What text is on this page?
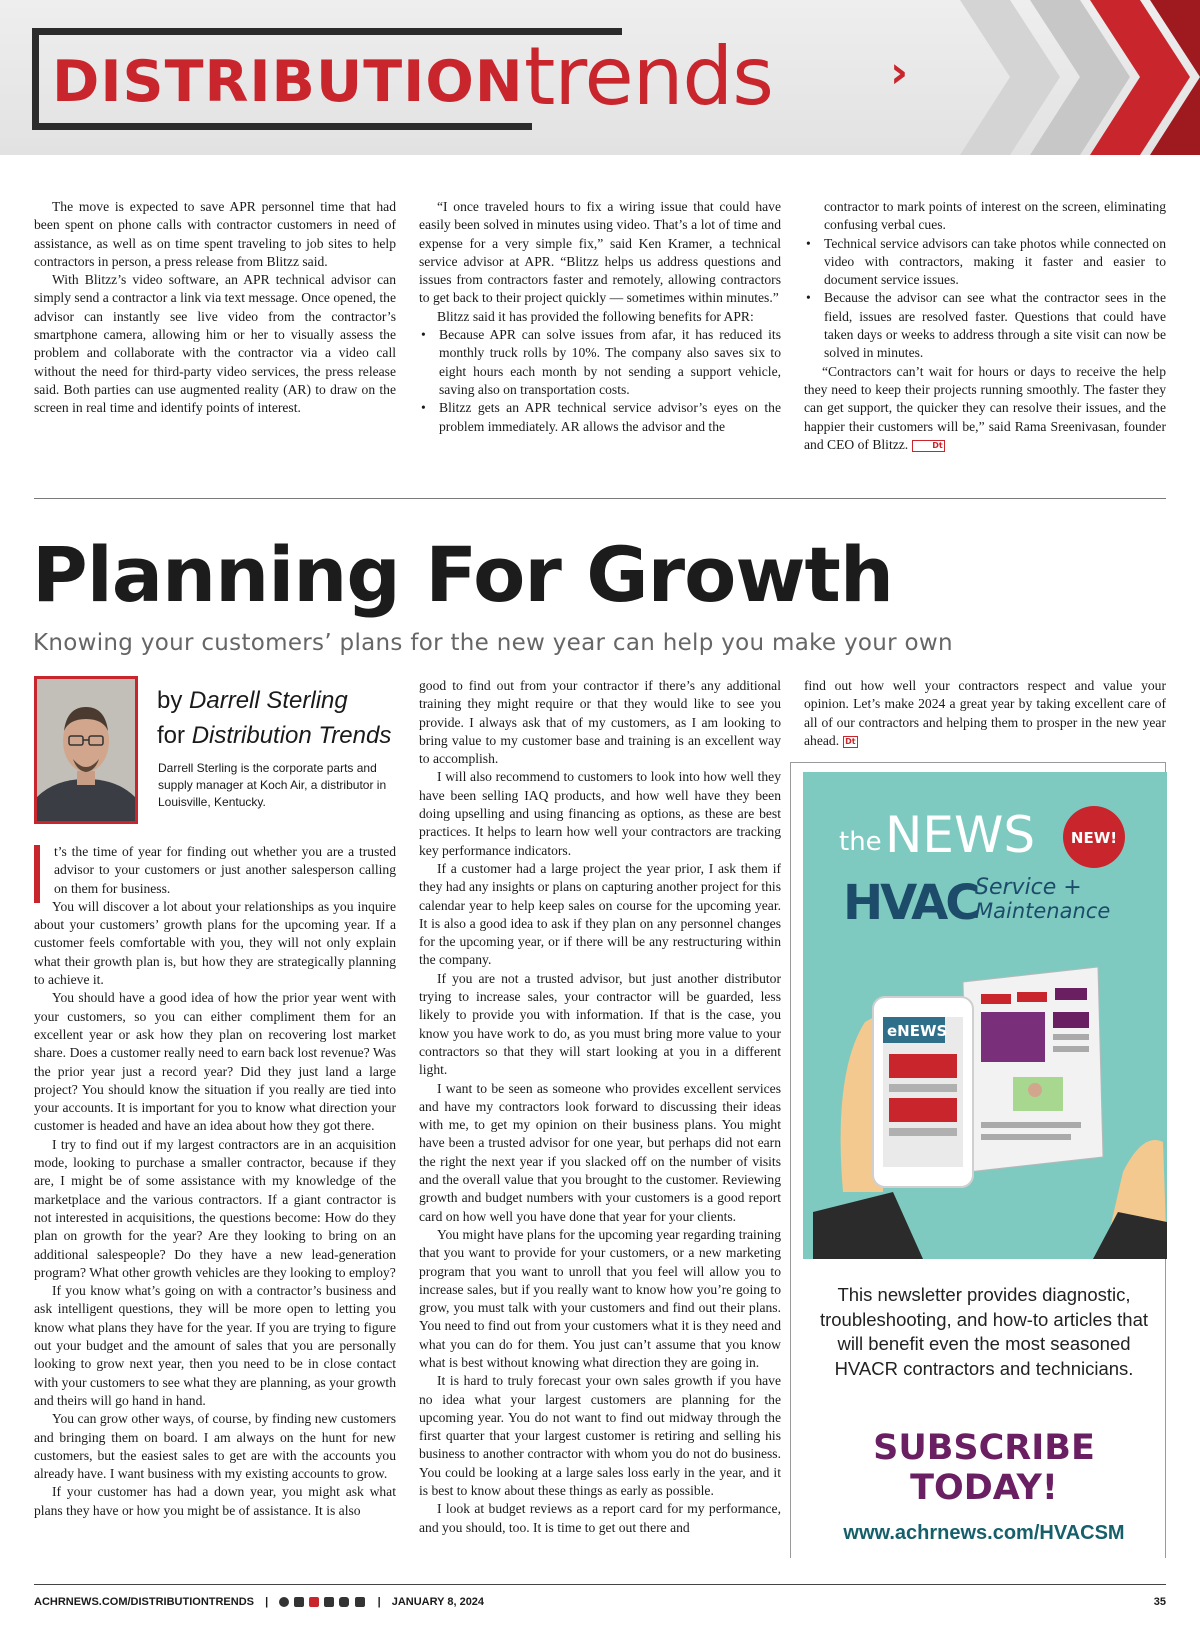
DISTRIBUTION trends	›

The move is expected to save APR personnel time that had been spent on phone calls with contractor customers in need of assistance, as well as on time spent traveling to job sites to help contractors in person, a press release from Blitzz said.

With Blitzz’s video software, an APR technical advisor can simply send a contractor a link via text message. Once opened, the advisor can instantly see live video from the contractor’s smartphone camera, allowing him or her to visually assess the problem and collaborate with the contractor via a video call without the need for third-party video services, the press release said. Both parties can use augmented reality (AR) to draw on the screen in real time and identify points of interest.

“I once traveled hours to fix a wiring issue that could have easily been solved in minutes using video. That’s a lot of time and expense for a very simple fix,” said Ken Kramer, a technical service advisor at APR. “Blitzz helps us address questions and issues from contractors faster and remotely, allowing contractors to get back to their project quickly — sometimes within minutes.”

Blitzz said it has provided the following benefits for APR:

• Because APR can solve issues from afar, it has reduced its monthly truck rolls by 10%. The company also saves six to eight hours each month by not sending a support vehicle, saving also on transportation costs.
• Blitzz gets an APR technical service advisor’s eyes on the problem immediately. AR allows the advisor and the

contractor to mark points of interest on the screen, eliminating confusing verbal cues.

• Technical service advisors can take photos while connected on video with contractors, making it faster and easier to document service issues.
• Because the advisor can see what the contractor sees in the field, issues are resolved faster. Questions that could have taken days or weeks to address through a site visit can now be solved in minutes.

“Contractors can’t wait for hours or days to receive the help they need to keep their projects running smoothly. The faster they can get support, the quicker they can resolve their issues, and the happier their customers will be,” said Rama Sreenivasan, founder and CEO of Blitzz.	Dt

Planning For Growth
Knowing your customers’ plans for the new year can help you make your own
by Darrell Sterling
for Distribution Trends
Darrell Sterling is the corporate parts and supply manager at Koch Air, a distributor in Louisville, Kentucky.

t’s the time of year for finding out whether you are a trusted advisor to your customers or just another salesperson calling on them for business.

You will discover a lot about your relationships as you inquire about your customers’ growth plans for the upcoming year. If a customer feels comfortable with you, they will not only explain what their growth plan is, but how they are strategically planning to achieve it.

You should have a good idea of how the prior year went with your customers, so you can either compliment them for an excellent year or ask how they plan on recovering lost market share. Does a customer really need to earn back lost revenue? Was the prior year just a record year? Did they just land a large project? You should know the situation if you really are tied into your accounts. It is important for you to know what direction your customer is headed and have an idea about how they got there.

I try to find out if my largest contractors are in an acquisition mode, looking to purchase a smaller contractor, because if they are, I might be of some assistance with my knowledge of the marketplace and the various contractors. If a giant contractor is not interested in acquisitions, the questions become: How do they plan on growth for the year? Are they looking to bring on an additional salespeople? Do they have a new lead-generation program? What other growth vehicles are they looking to employ?

If you know what’s going on with a contractor’s business and ask intelligent questions, they will be more open to letting you know what plans they have for the year. If you are trying to figure out your budget and the amount of sales that you are personally looking to grow next year, then you need to be in close contact with your customers to see what they are planning, as your growth and theirs will go hand in hand.

You can grow other ways, of course, by finding new customers and bringing them on board. I am always on the hunt for new customers, but the easiest sales to get are with the accounts you already have. I want business with my existing accounts to grow.

If your customer has had a down year, you might ask what plans they have or how you might be of assistance. It is also

good to find out from your contractor if there’s any additional training they might require or that they would like to see you provide. I always ask that of my customers, as I am looking to bring value to my customer base and training is an excellent way to accomplish.

I will also recommend to customers to look into how well they have been selling IAQ products, and how well have they been doing upselling and using financing as options, as these are best practices. It helps to learn how well your contractors are tracking key performance indicators.

If a customer had a large project the year prior, I ask them if they had any insights or plans on capturing another project for this calendar year to help keep sales on course for the upcoming year. It is also a good idea to ask if they plan on any personnel changes for the upcoming year, or if there will be any restructuring within the company.

If you are not a trusted advisor, but just another distributor trying to increase sales, your contractor will be guarded, less likely to provide you with information. If that is the case, you know you have work to do, as you must bring more value to your contractors so that they will start looking at you in a different light.

I want to be seen as someone who provides excellent services and have my contractors look forward to discussing their ideas with me, to get my opinion on their business plans. You might have been a trusted advisor for one year, but perhaps did not earn the right the next year if you slacked off on the number of visits and the overall value that you brought to the customer. Reviewing growth and budget numbers with your customers is a good report card on how well you have done that year for your clients.

You might have plans for the upcoming year regarding training that you want to provide for your customers, or a new marketing program that you want to unroll that you feel will allow you to increase sales, but if you really want to know how you’re going to grow, you must talk with your customers and find out their plans. You need to find out from your customers what it is they need and what you can do for them. You just can’t assume that you know what is best without knowing what direction they are going in.

It is hard to truly forecast your own sales growth if you have no idea what your largest customers are planning for the upcoming year. You do not want to find out midway through the first quarter that your largest customer is retiring and selling his business to another contractor with whom you do not do business. You could be looking at a large sales loss early in the year, and it is best to know about these things as early as possible.

I look at budget reviews as a report card for my performance, and you should, too. It is time to get out there and

find out how well your contractors respect and value your opinion. Let’s make 2024 a great year by taking excellent care of all of our contractors and helping them to prosper in the new year ahead. Dt

the NEWS NEW!
HVAC
Service +
Maintenance
eNEWS
This newsletter provides diagnostic, troubleshooting, and how-to articles that will benefit even the most seasoned HVACR contractors and technicians.
SUBSCRIBE
TODAY!
www.achrnews.com/HVACSM
ACHRNEWS.COM/DISTRIBUTIONTRENDS |	| JANUARY 8, 2024	35
